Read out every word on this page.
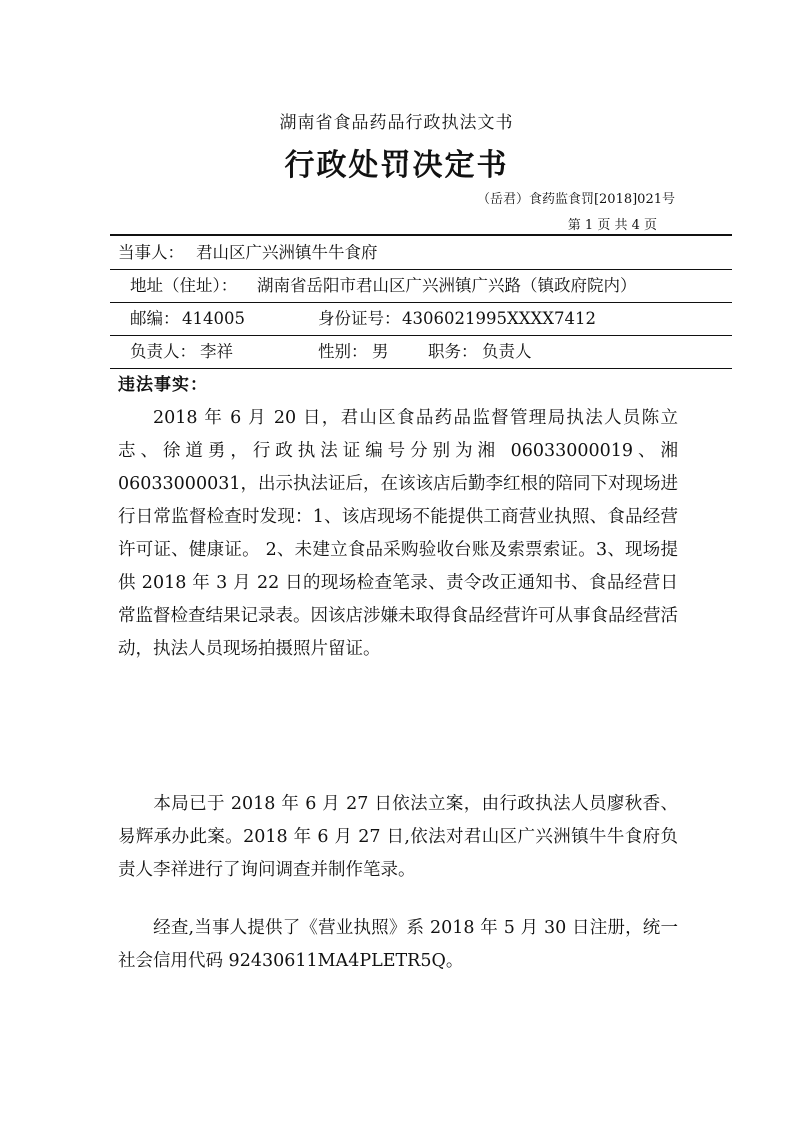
湖南省食品药品行政执法文书
行政处罚决定书
（岳君）食药监食罚[2018]021号
第 1 页 共 4 页
当事人： 君山区广兴洲镇牛牛食府
地址（住址）： 湖南省岳阳市君山区广兴洲镇广兴路（镇政府院内）
邮编： 414005	身份证号： 4306021995XXXX7412
负责人： 李祥	性别： 男 职务： 负责人
违法事实：
2018 年 6 月 20 日，君山区食品药品监督管理局执法人员陈立志、徐道勇，行政执法证编号分别为湘 06033000019、湘 06033000031，出示执法证后，在该该店后勤李红根的陪同下对现场进行日常监督检查时发现：1、该店现场不能提供工商营业执照、食品经营许可证、健康证。 2、未建立食品采购验收台账及索票索证。3、现场提供 2018 年 3 月 22 日的现场检查笔录、责令改正通知书、食品经营日常监督检查结果记录表。因该店涉嫌未取得食品经营许可从事食品经营活动，执法人员现场拍摄照片留证。
本局已于 2018 年 6 月 27 日依法立案，由行政执法人员廖秋香、易辉承办此案。2018 年 6 月 27 日,依法对君山区广兴洲镇牛牛食府负责人李祥进行了询问调查并制作笔录。
经查,当事人提供了《营业执照》系 2018 年 5 月 30 日注册，统一社会信用代码 92430611MA4PLETR5Q。
